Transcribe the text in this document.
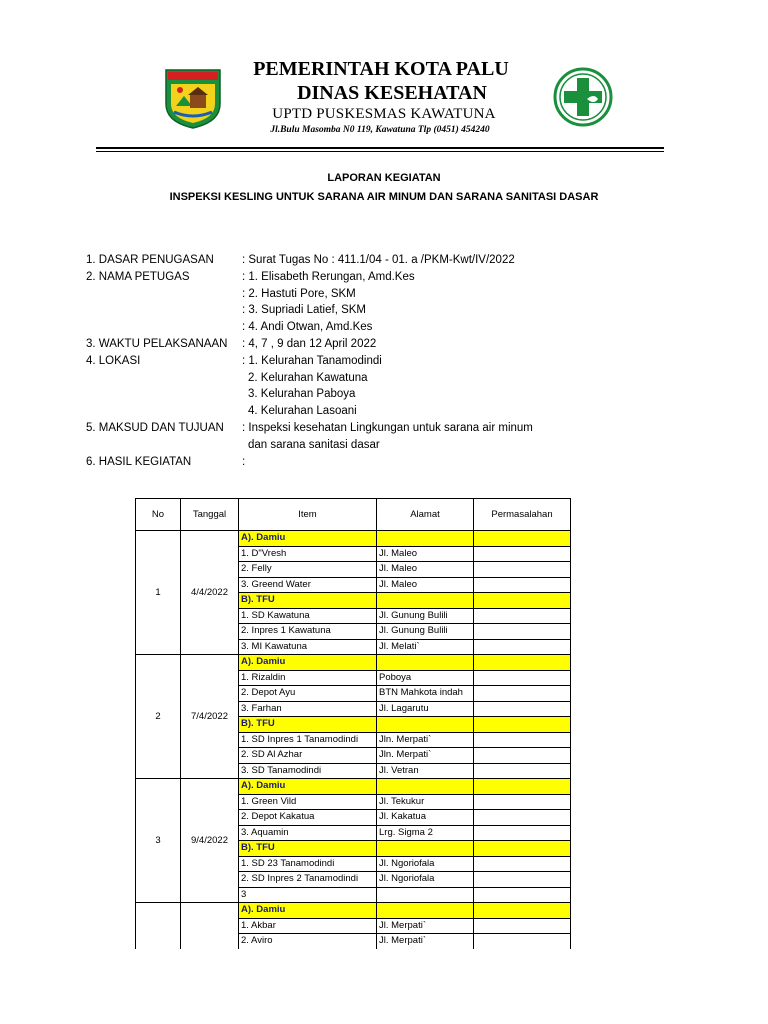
PEMERINTAH KOTA PALU
DINAS KESEHATAN
UPTD PUSKESMAS KAWATUNA
Jl.Bulu Masomba N0 119, Kawatuna Tlp (0451) 454240
LAPORAN KEGIATAN
INSPEKSI KESLING UNTUK SARANA AIR MINUM DAN SARANA SANITASI DASAR
1. DASAR PENUGASAN : Surat Tugas No : 411.1/04 - 01. a /PKM-Kwt/IV/2022
2. NAMA PETUGAS	: 1. Elisabeth Rerungan, Amd.Kes
: 2. Hastuti Pore, SKM
: 3. Supriadi Latief, SKM
: 4. Andi Otwan, Amd.Kes
3. WAKTU PELAKSANAAN : 4, 7 , 9 dan 12 April 2022
4. LOKASI	: 1. Kelurahan Tanamodindi
2. Kelurahan Kawatuna
3. Kelurahan Paboya
4. Kelurahan Lasoani
5. MAKSUD DAN TUJUAN : Inspeksi kesehatan Lingkungan untuk sarana air minum
dan sarana sanitasi dasar
6. HASIL KEGIATAN	:
No	Tanggal	Item	Alamat	Permasalahan
1	4/4/2022	A). Damiu		
		1. D"Vresh	Jl. Maleo	
		2. Felly	Jl. Maleo	
		3. Greend Water	Jl. Maleo	
		B). TFU		
		1. SD Kawatuna	Jl. Gunung Bulili	
		2. Inpres 1 Kawatuna	Jl. Gunung Bulili	
		3. MI Kawatuna	Jl. Melati`	
2	7/4/2022	A). Damiu		
		1. Rizaldin	Poboya	
		2. Depot Ayu	BTN Mahkota indah	
		3. Farhan	Jl. Lagarutu	
		B). TFU		
		1. SD Inpres 1 Tanamodindi	Jln. Merpati`	
		2. SD Al Azhar	Jln. Merpati`	
		3. SD Tanamodindi	Jl. Vetran	
3	9/4/2022	A). Damiu		
		1. Green Vild	Jl. Tekukur	
		2. Depot Kakatua	Jl. Kakatua	
		3. Aquamin	Lrg. Sigma 2	
		B). TFU		
		1. SD 23 Tanamodindi	Jl. Ngoriofala	
		2. SD Inpres 2 Tanamodindi	Jl. Ngoriofala	
		3		
		A). Damiu		
		1. Akbar	Jl. Merpati`	
		2. Aviro	Jl. Merpati`	
